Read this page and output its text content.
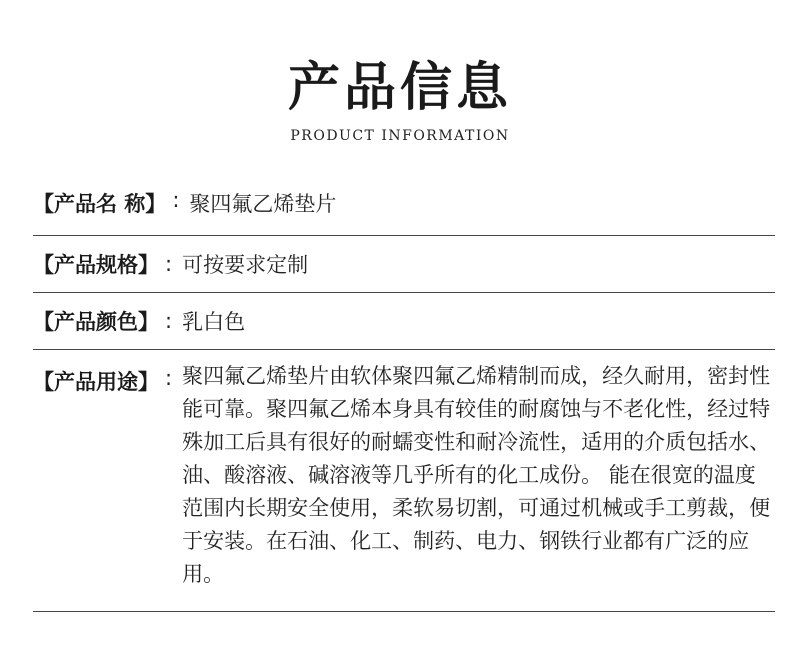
产品信息
PRODUCT INFORMATION
【产品名 称】 : 聚四氟乙烯垫片
【产品规格】 : 可按要求定制
【产品颜色】 : 乳白色
【产品用途】 : 聚四氟乙烯垫片由软体聚四氟乙烯精制而成，经久耐用，密封性能可靠。聚四氟乙烯本身具有较佳的耐腐蚀与不老化性，经过特殊加工后具有很好的耐蠕变性和耐冷流性，适用的介质包括水、油、酸溶液、碱溶液等几乎所有的化工成份。 能在很宽的温度范围内长期安全使用，柔软易切割，可通过机械或手工剪裁，便于安装。在石油、化工、制药、电力、钢铁行业都有广泛的应用。
